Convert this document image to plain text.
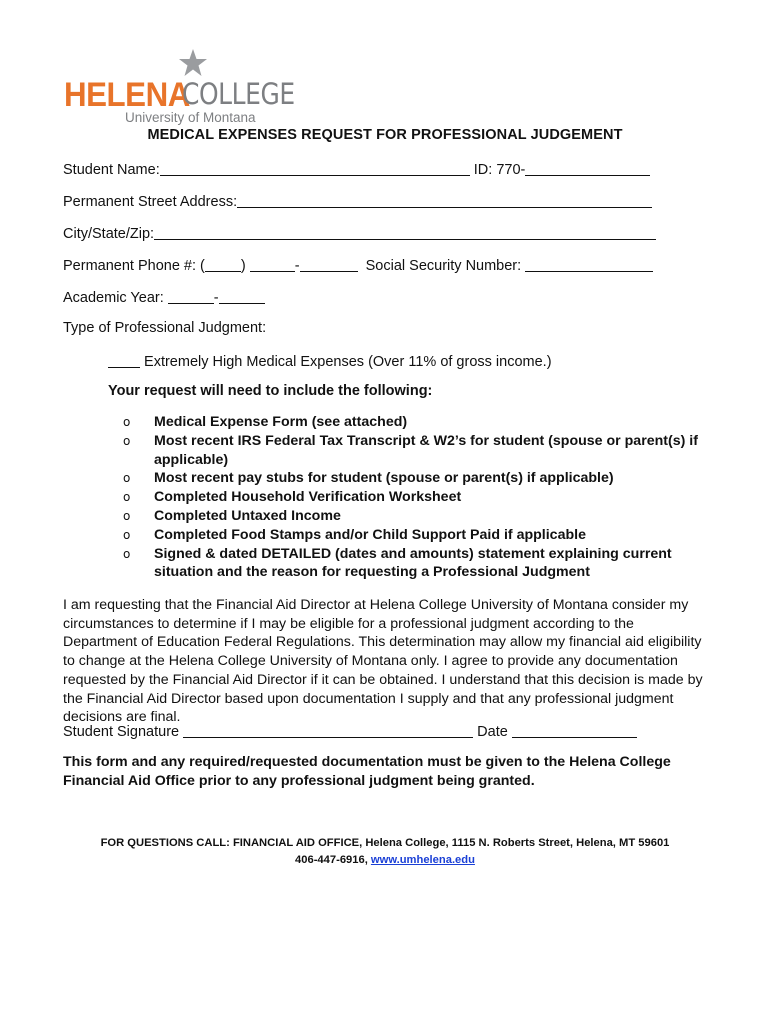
HELENA
COLLEGE
University of Montana
MEDICAL EXPENSES REQUEST FOR PROFESSIONAL JUDGEMENT
Student Name:	ID: 770-
Permanent Street Address:
City/State/Zip:
Permanent Phone #: ( )	-	Social Security Number:
Academic Year:	-
Type of Professional Judgment:
Extremely High Medical Expenses (Over 11% of gross income.)
Your request will need to include the following:
o Medical Expense Form (see attached)
o Most recent IRS Federal Tax Transcript & W2’s for student (spouse or parent(s) if applicable)
o Most recent pay stubs for student (spouse or parent(s) if applicable)
o Completed Household Verification Worksheet
o Completed Untaxed Income
o Completed Food Stamps and/or Child Support Paid if applicable
o Signed & dated DETAILED (dates and amounts) statement explaining current situation and the reason for requesting a Professional Judgment
I am requesting that the Financial Aid Director at Helena College University of Montana consider my circumstances to determine if I may be eligible for a professional judgment according to the Department of Education Federal Regulations. This determination may allow my financial aid eligibility to change at the Helena College University of Montana only. I agree to provide any documentation requested by the Financial Aid Director if it can be obtained. I understand that this decision is made by the Financial Aid Director based upon documentation I supply and that any professional judgment decisions are final.
Student Signature	Date
This form and any required/requested documentation must be given to the Helena College Financial Aid Office prior to any professional judgment being granted.
FOR QUESTIONS CALL: FINANCIAL AID OFFICE, Helena College, 1115 N. Roberts Street, Helena, MT 59601
406-447-6916, www.umhelena.edu
